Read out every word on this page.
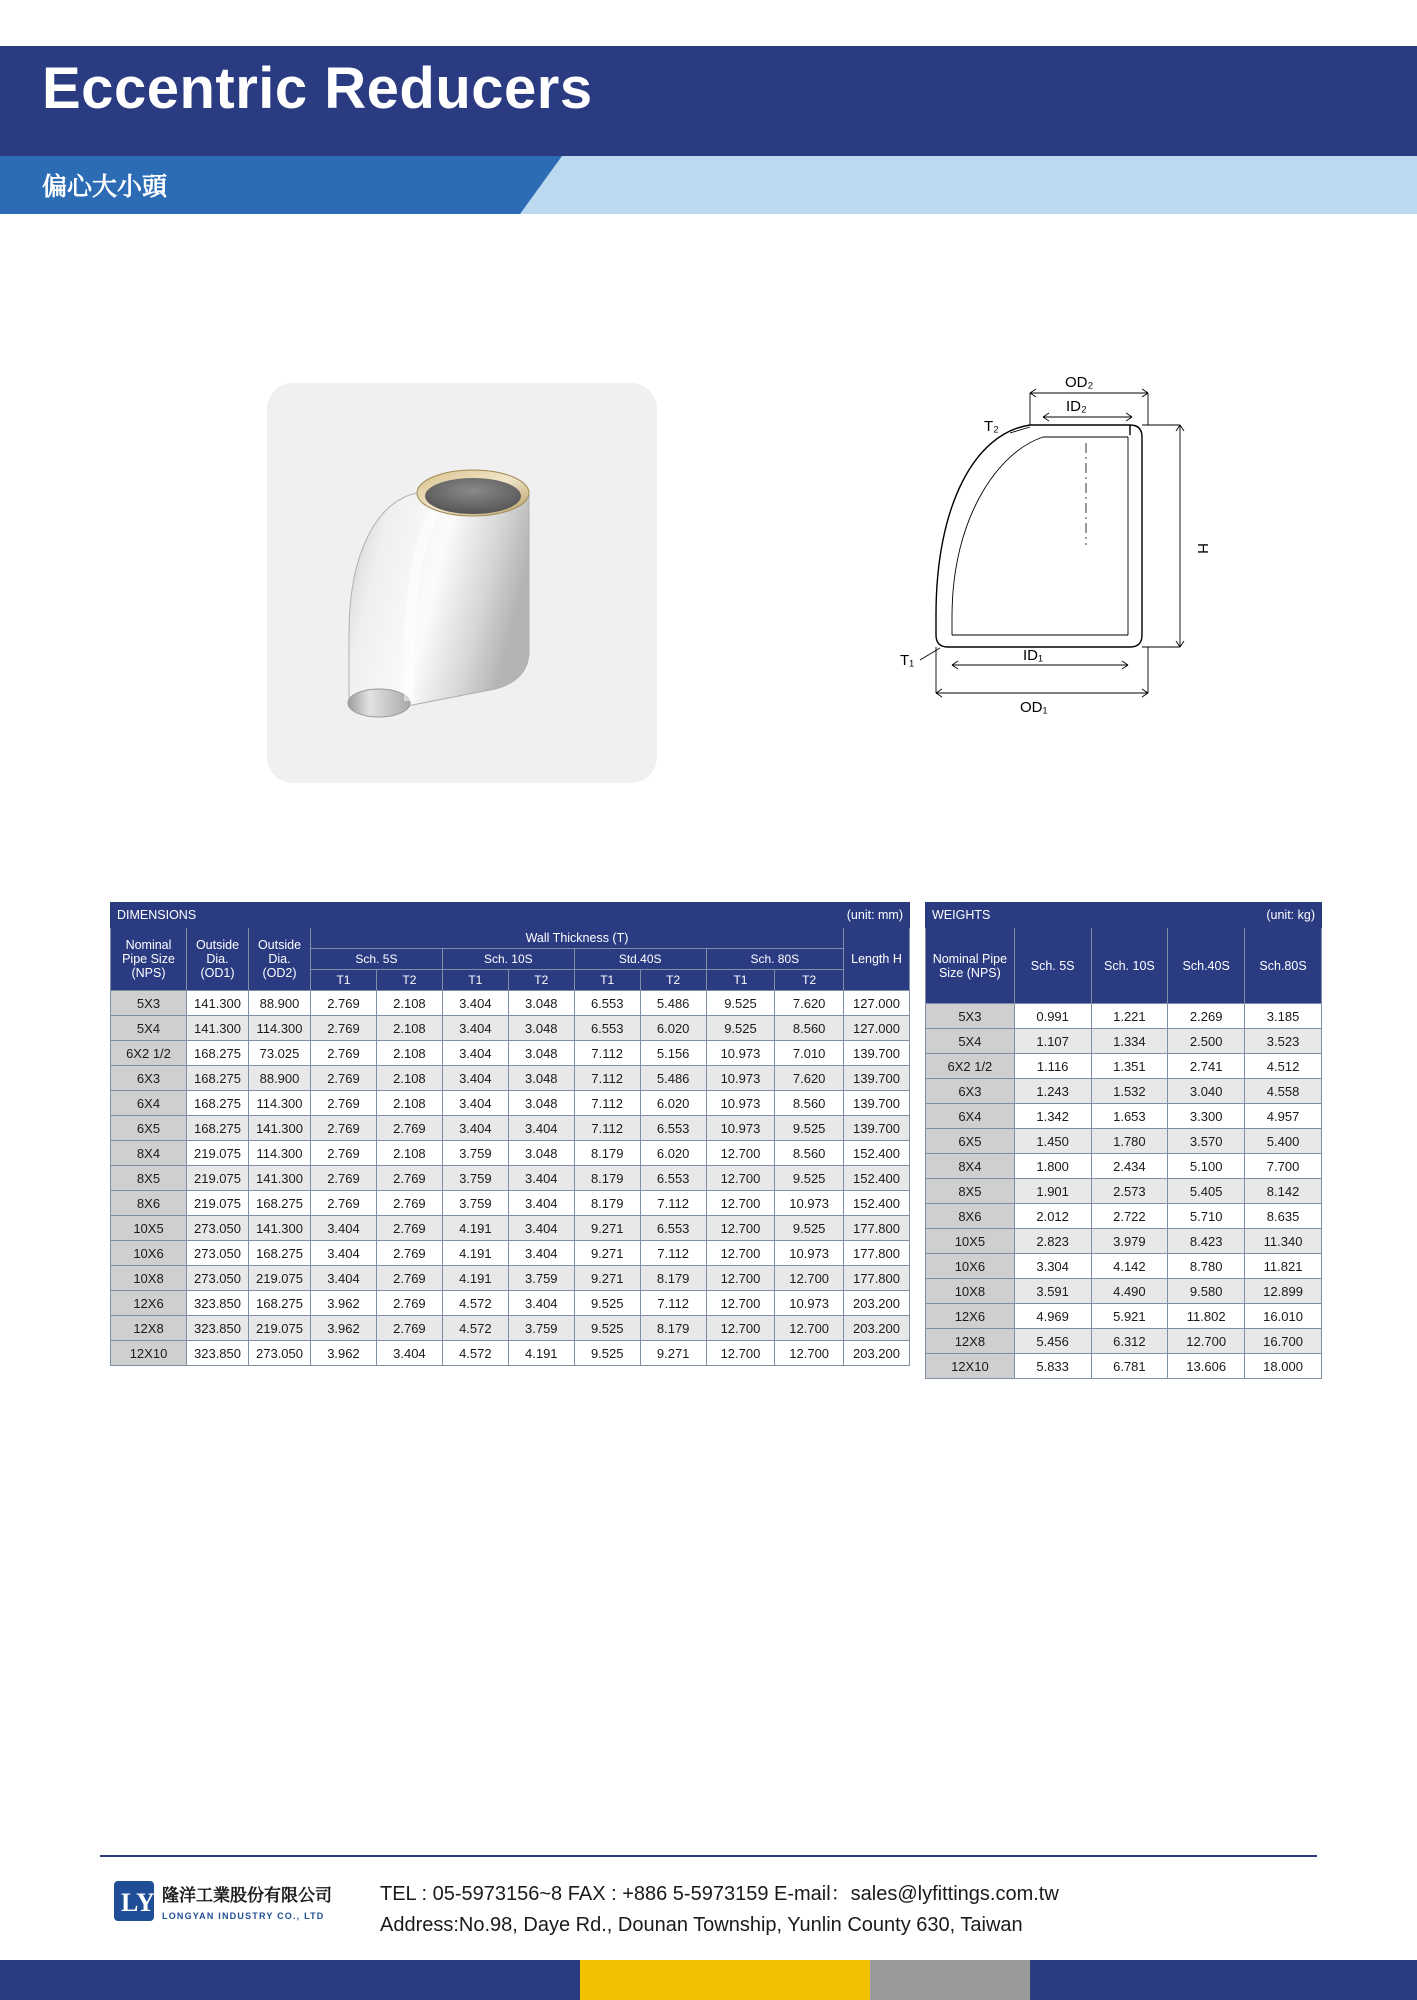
Eccentric Reducers
偏心大小頭
OD₂
ID₂
T₂
T₁	ID₁
OD₁
H
DIMENSIONS						(unit: mm)					
Nominal Pipe Size (NPS)	Outside Dia. (OD1)	Outside Dia. (OD2)	Wall Thickness (T)								Length H
			Sch. 5S		Sch. 10S		Std.40S		Sch. 80S		
			T1	T2	T1	T2	T1	T2	T1	T2	
5X3	141.300	88.900	2.769	2.108	3.404	3.048	6.553	5.486	9.525	7.620	127.000
5X4	141.300	114.300	2.769	2.108	3.404	3.048	6.553	6.020	9.525	8.560	127.000
6X2 1/2	168.275	73.025	2.769	2.108	3.404	3.048	7.112	5.156	10.973	7.010	139.700
6X3	168.275	88.900	2.769	2.108	3.404	3.048	7.112	5.486	10.973	7.620	139.700
6X4	168.275	114.300	2.769	2.108	3.404	3.048	7.112	6.020	10.973	8.560	139.700
6X5	168.275	141.300	2.769	2.769	3.404	3.404	7.112	6.553	10.973	9.525	139.700
8X4	219.075	114.300	2.769	2.108	3.759	3.048	8.179	6.020	12.700	8.560	152.400
8X5	219.075	141.300	2.769	2.769	3.759	3.404	8.179	6.553	12.700	9.525	152.400
8X6	219.075	168.275	2.769	2.769	3.759	3.404	8.179	7.112	12.700	10.973	152.400
10X5	273.050	141.300	3.404	2.769	4.191	3.404	9.271	6.553	12.700	9.525	177.800
10X6	273.050	168.275	3.404	2.769	4.191	3.404	9.271	7.112	12.700	10.973	177.800
10X8	273.050	219.075	3.404	2.769	4.191	3.759	9.271	8.179	12.700	12.700	177.800
12X6	323.850	168.275	3.962	2.769	4.572	3.404	9.525	7.112	12.700	10.973	203.200
12X8	323.850	219.075	3.962	2.769	4.572	3.759	9.525	8.179	12.700	12.700	203.200
12X10	323.850	273.050	3.962	3.404	4.572	4.191	9.525	9.271	12.700	12.700	203.200
WEIGHTS		(unit: kg)		
Nominal Pipe Size (NPS)	Sch. 5S	Sch. 10S	Sch.40S	Sch.80S
5X3	0.991	1.221	2.269	3.185
5X4	1.107	1.334	2.500	3.523
6X2 1/2	1.116	1.351	2.741	4.512
6X3	1.243	1.532	3.040	4.558
6X4	1.342	1.653	3.300	4.957
6X5	1.450	1.780	3.570	5.400
8X4	1.800	2.434	5.100	7.700
8X5	1.901	2.573	5.405	8.142
8X6	2.012	2.722	5.710	8.635
10X5	2.823	3.979	8.423	11.340
10X6	3.304	4.142	8.780	11.821
10X8	3.591	4.490	9.580	12.899
12X6	4.969	5.921	11.802	16.010
12X8	5.456	6.312	12.700	16.700
12X10	5.833	6.781	13.606	18.000
LY 隆洋工業股份有限公司
LONGYAN INDUSTRY CO., LTD
TEL : 05-5973156~8 FAX : +886 5-5973159 E-mail：sales@lyfittings.com.tw
Address:No.98, Daye Rd., Dounan Township, Yunlin County 630, Taiwan
